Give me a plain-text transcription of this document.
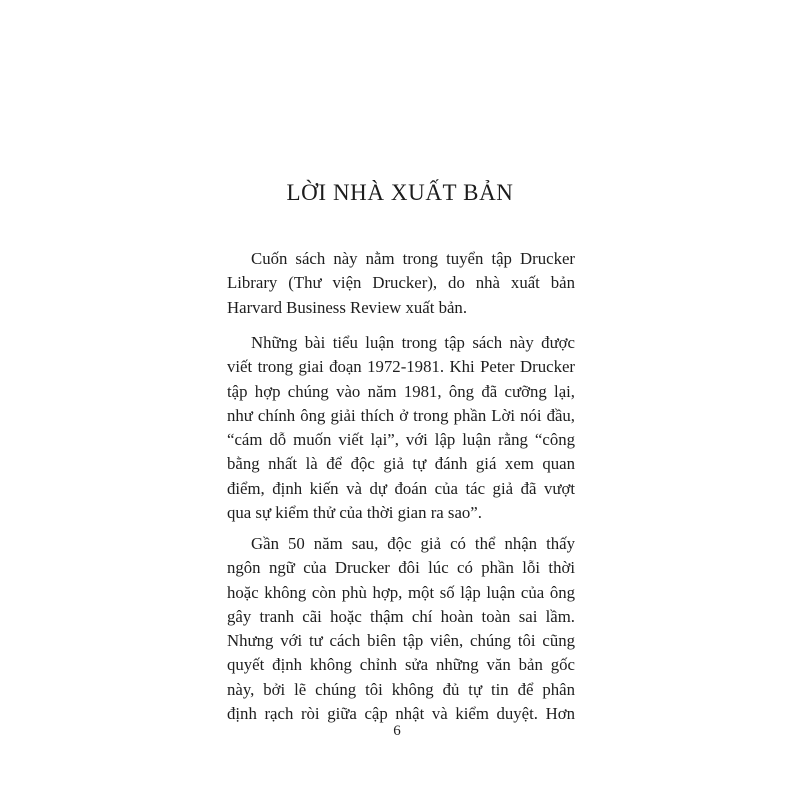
LỜI NHÀ XUẤT BẢN
Cuốn sách này nằm trong tuyển tập Drucker
Library (Thư viện Drucker), do nhà xuất bản
Harvard Business Review xuất bản.
Những bài tiểu luận trong tập sách này được
viết trong giai đoạn 1972-1981. Khi Peter Drucker
tập hợp chúng vào năm 1981, ông đã cưỡng lại,
như chính ông giải thích ở trong phần Lời nói đầu,
“cám dỗ muốn viết lại”, với lập luận rằng “công
bằng nhất là để độc giả tự đánh giá xem quan
điểm, định kiến và dự đoán của tác giả đã vượt
qua sự kiểm thử của thời gian ra sao”.
Gần 50 năm sau, độc giả có thể nhận thấy
ngôn ngữ của Drucker đôi lúc có phần lỗi thời
hoặc không còn phù hợp, một số lập luận của ông
gây tranh cãi hoặc thậm chí hoàn toàn sai lầm.
Nhưng với tư cách biên tập viên, chúng tôi cũng
quyết định không chỉnh sửa những văn bản gốc
này, bởi lẽ chúng tôi không đủ tự tin để phân
định rạch ròi giữa cập nhật và kiểm duyệt. Hơn
6
